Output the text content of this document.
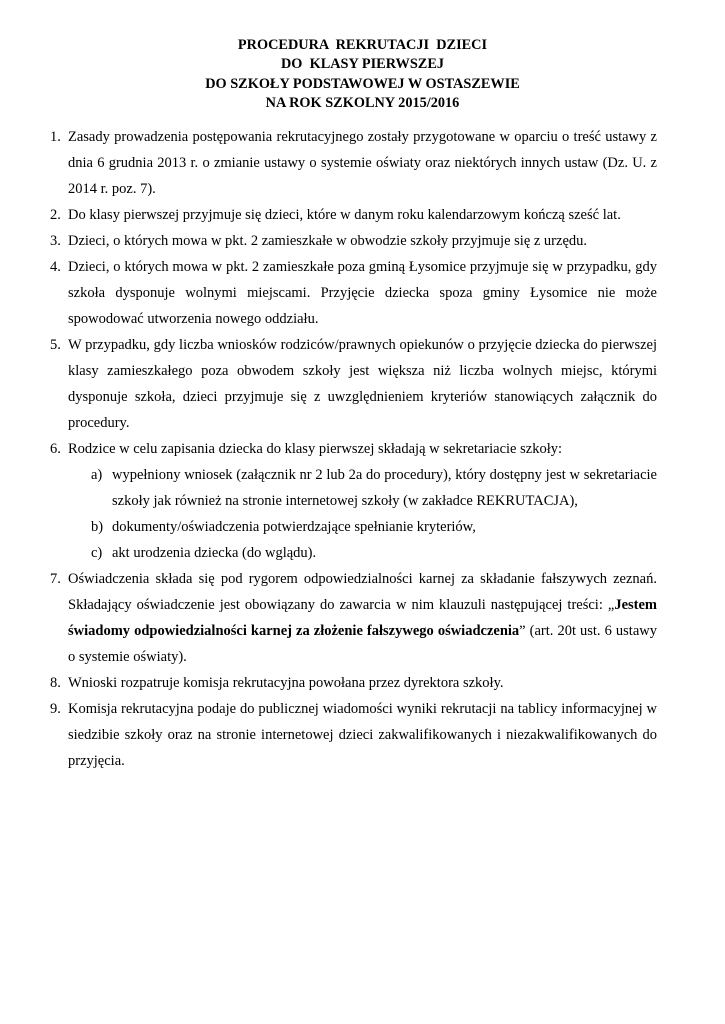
PROCEDURA  REKRUTACJI  DZIECI
DO  KLASY PIERWSZEJ
DO SZKOŁY PODSTAWOWEJ W OSTASZEWIE
NA ROK SZKOLNY 2015/2016
1. Zasady prowadzenia postępowania rekrutacyjnego zostały przygotowane w oparciu o treść ustawy z dnia 6 grudnia 2013 r. o zmianie ustawy o systemie oświaty oraz niektórych innych ustaw (Dz. U. z 2014 r. poz. 7).
2. Do klasy pierwszej przyjmuje się dzieci, które w danym roku kalendarzowym kończą sześć lat.
3. Dzieci, o których mowa w pkt. 2 zamieszkałe w obwodzie szkoły przyjmuje się z urzędu.
4. Dzieci, o których mowa w pkt. 2 zamieszkałe poza gminą Łysomice przyjmuje się w przypadku, gdy szkoła dysponuje wolnymi miejscami. Przyjęcie dziecka spoza gminy Łysomice nie może spowodować utworzenia nowego oddziału.
5. W przypadku, gdy liczba wniosków rodziców/prawnych opiekunów o przyjęcie dziecka do pierwszej klasy zamieszkałego poza obwodem szkoły jest większa niż liczba wolnych miejsc, którymi dysponuje szkoła, dzieci przyjmuje się z uwzględnieniem kryteriów stanowiących załącznik do procedury.
6. Rodzice w celu zapisania dziecka do klasy pierwszej składają w sekretariacie szkoły:
a) wypełniony wniosek (załącznik nr 2 lub 2a do procedury), który dostępny jest w sekretariacie szkoły jak również na stronie internetowej szkoły (w zakładce REKRUTACJA),
b) dokumenty/oświadczenia potwierdzające spełnianie kryteriów,
c) akt urodzenia dziecka (do wglądu).
7. Oświadczenia składa się pod rygorem odpowiedzialności karnej za składanie fałszywych zeznań. Składający oświadczenie jest obowiązany do zawarcia w nim klauzuli następującej treści: „Jestem świadomy odpowiedzialności karnej za złożenie fałszywego oświadczenia” (art. 20t ust. 6 ustawy o systemie oświaty).
8. Wnioski rozpatruje komisja rekrutacyjna powołana przez dyrektora szkoły.
9. Komisja rekrutacyjna podaje do publicznej wiadomości wyniki rekrutacji na tablicy informacyjnej w siedzibie szkoły oraz na stronie internetowej dzieci zakwalifikowanych i niezakwalifikowanych do przyjęcia.
